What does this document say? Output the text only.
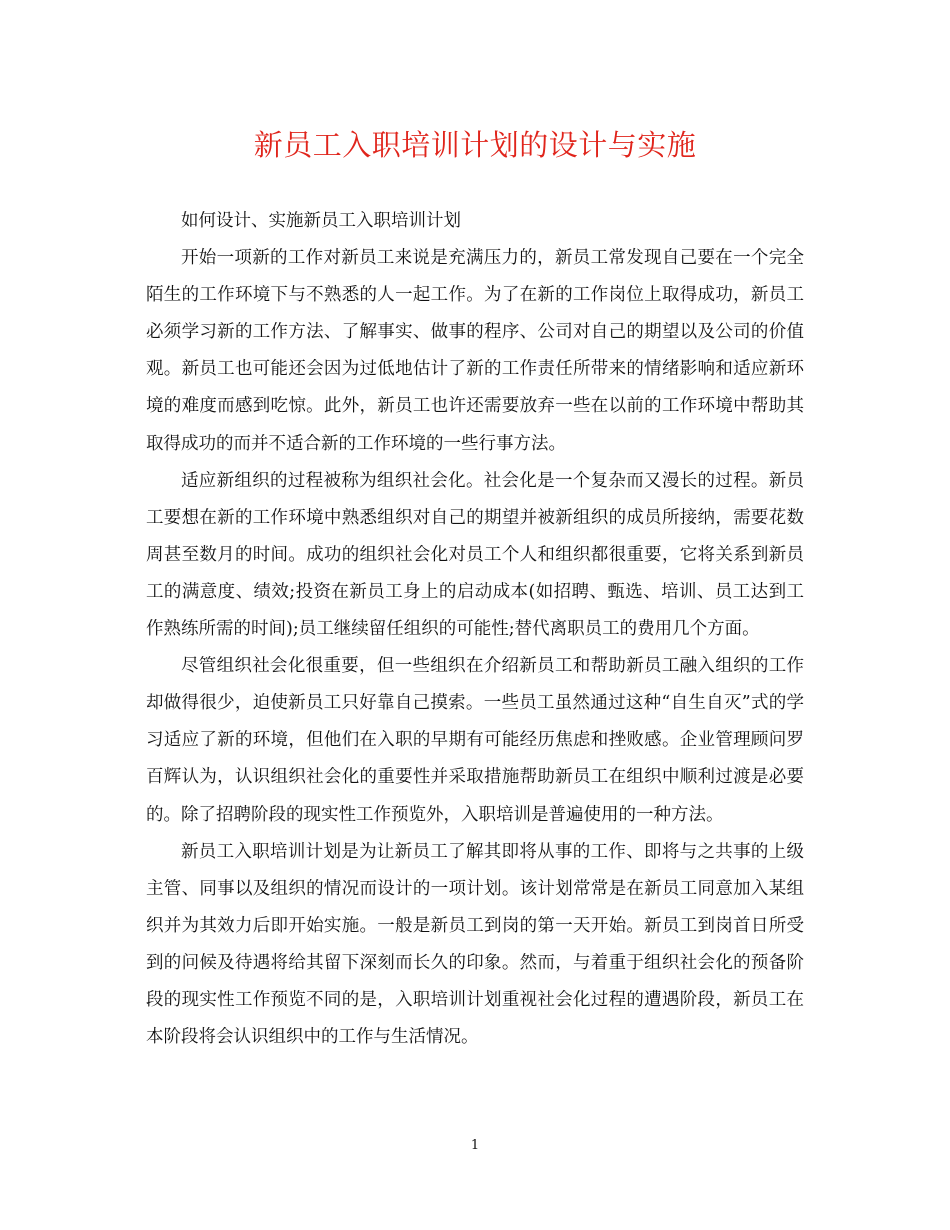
新员工入职培训计划的设计与实施

如何设计、实施新员工入职培训计划

开始一项新的工作对新员工来说是充满压力的，新员工常发现自己要在一个完全陌生的工作环境下与不熟悉的人一起工作。为了在新的工作岗位上取得成功，新员工必须学习新的工作方法、了解事实、做事的程序、公司对自己的期望以及公司的价值观。新员工也可能还会因为过低地估计了新的工作责任所带来的情绪影响和适应新环境的难度而感到吃惊。此外，新员工也许还需要放弃一些在以前的工作环境中帮助其取得成功的而并不适合新的工作环境的一些行事方法。

适应新组织的过程被称为组织社会化。社会化是一个复杂而又漫长的过程。新员工要想在新的工作环境中熟悉组织对自己的期望并被新组织的成员所接纳，需要花数周甚至数月的时间。成功的组织社会化对员工个人和组织都很重要，它将关系到新员工的满意度、绩效;投资在新员工身上的启动成本(如招聘、甄选、培训、员工达到工作熟练所需的时间);员工继续留任组织的可能性;替代离职员工的费用几个方面。

尽管组织社会化很重要，但一些组织在介绍新员工和帮助新员工融入组织的工作却做得很少，迫使新员工只好靠自己摸索。一些员工虽然通过这种“自生自灭”式的学习适应了新的环境，但他们在入职的早期有可能经历焦虑和挫败感。企业管理顾问罗百辉认为，认识组织社会化的重要性并采取措施帮助新员工在组织中顺利过渡是必要的。除了招聘阶段的现实性工作预览外，入职培训是普遍使用的一种方法。

新员工入职培训计划是为让新员工了解其即将从事的工作、即将与之共事的上级主管、同事以及组织的情况而设计的一项计划。该计划常常是在新员工同意加入某组织并为其效力后即开始实施。一般是新员工到岗的第一天开始。新员工到岗首日所受到的问候及待遇将给其留下深刻而长久的印象。然而，与着重于组织社会化的预备阶段的现实性工作预览不同的是，入职培训计划重视社会化过程的遭遇阶段，新员工在本阶段将会认识组织中的工作与生活情况。

1
